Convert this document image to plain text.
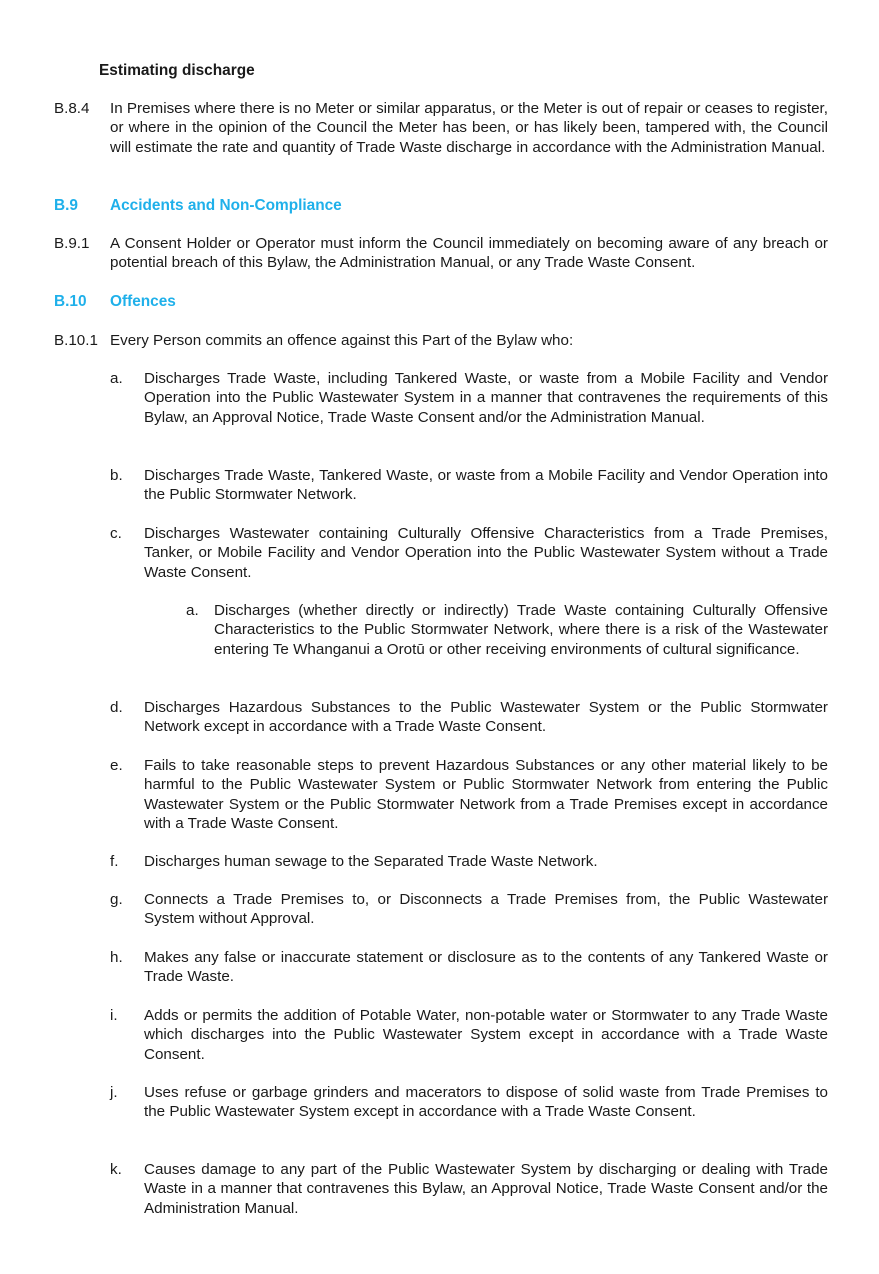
Estimating discharge
B.8.4 In Premises where there is no Meter or similar apparatus, or the Meter is out of repair or ceases to register, or where in the opinion of the Council the Meter has been, or has likely been, tampered with, the Council will estimate the rate and quantity of Trade Waste discharge in accordance with the Administration Manual.
B.9 Accidents and Non-Compliance
B.9.1 A Consent Holder or Operator must inform the Council immediately on becoming aware of any breach or potential breach of this Bylaw, the Administration Manual, or any Trade Waste Consent.
B.10 Offences
B.10.1 Every Person commits an offence against this Part of the Bylaw who:
a. Discharges Trade Waste, including Tankered Waste, or waste from a Mobile Facility and Vendor Operation into the Public Wastewater System in a manner that contravenes the requirements of this Bylaw, an Approval Notice, Trade Waste Consent and/or the Administration Manual.
b. Discharges Trade Waste, Tankered Waste, or waste from a Mobile Facility and Vendor Operation into the Public Stormwater Network.
c. Discharges Wastewater containing Culturally Offensive Characteristics from a Trade Premises, Tanker, or Mobile Facility and Vendor Operation into the Public Wastewater System without a Trade Waste Consent.
a. Discharges (whether directly or indirectly) Trade Waste containing Culturally Offensive Characteristics to the Public Stormwater Network, where there is a risk of the Wastewater entering Te Whanganui a Orotū or other receiving environments of cultural significance.
d. Discharges Hazardous Substances to the Public Wastewater System or the Public Stormwater Network except in accordance with a Trade Waste Consent.
e. Fails to take reasonable steps to prevent Hazardous Substances or any other material likely to be harmful to the Public Wastewater System or Public Stormwater Network from entering the Public Wastewater System or the Public Stormwater Network from a Trade Premises except in accordance with a Trade Waste Consent.
f. Discharges human sewage to the Separated Trade Waste Network.
g. Connects a Trade Premises to, or Disconnects a Trade Premises from, the Public Wastewater System without Approval.
h. Makes any false or inaccurate statement or disclosure as to the contents of any Tankered Waste or Trade Waste.
i. Adds or permits the addition of Potable Water, non-potable water or Stormwater to any Trade Waste which discharges into the Public Wastewater System except in accordance with a Trade Waste Consent.
j. Uses refuse or garbage grinders and macerators to dispose of solid waste from Trade Premises to the Public Wastewater System except in accordance with a Trade Waste Consent.
k. Causes damage to any part of the Public Wastewater System by discharging or dealing with Trade Waste in a manner that contravenes this Bylaw, an Approval Notice, Trade Waste Consent and/or the Administration Manual.
